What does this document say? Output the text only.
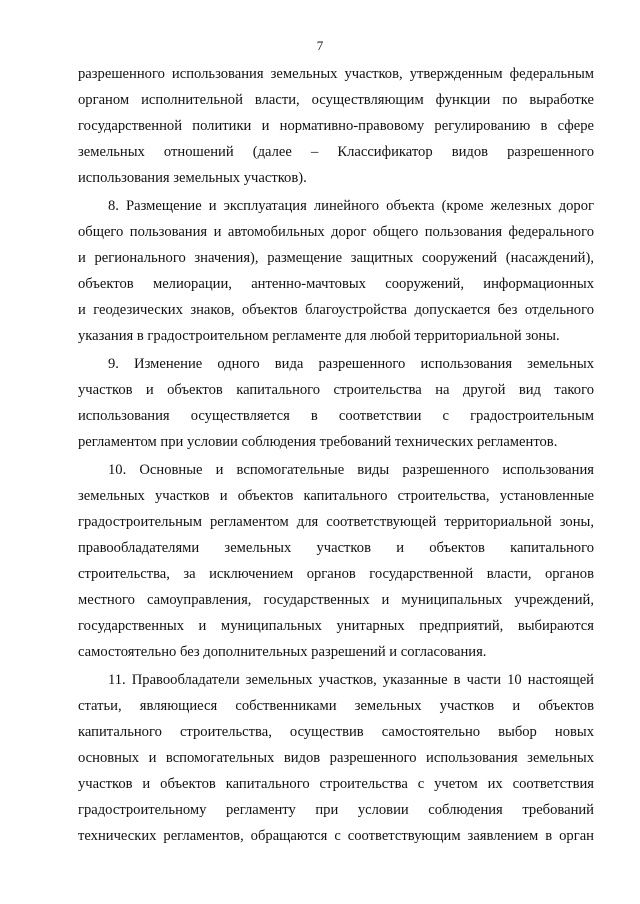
7
разрешенного использования земельных участков, утвержденным федеральным
органом исполнительной власти, осуществляющим функции по выработке
государственной политики и нормативно-правовому регулированию в сфере
земельных отношений (далее – Классификатор видов разрешенного
использования земельных участков).
8. Размещение и эксплуатация линейного объекта (кроме железных дорог
общего пользования и автомобильных дорог общего пользования федерального
и регионального значения), размещение защитных сооружений (насаждений),
объектов мелиорации, антенно-мачтовых сооружений, информационных
и геодезических знаков, объектов благоустройства допускается без отдельного
указания в градостроительном регламенте для любой территориальной зоны.
9. Изменение одного вида разрешенного использования земельных
участков и объектов капитального строительства на другой вид такого
использования осуществляется в соответствии с градостроительным
регламентом при условии соблюдения требований технических регламентов.
10. Основные и вспомогательные виды разрешенного использования
земельных участков и объектов капитального строительства, установленные
градостроительным регламентом для соответствующей территориальной зоны,
правообладателями земельных участков и объектов капитального
строительства, за исключением органов государственной власти, органов
местного самоуправления, государственных и муниципальных учреждений,
государственных и муниципальных унитарных предприятий, выбираются
самостоятельно без дополнительных разрешений и согласования.
11. Правообладатели земельных участков, указанные в части 10 настоящей
статьи, являющиеся собственниками земельных участков и объектов
капитального строительства, осуществив самостоятельно выбор новых
основных и вспомогательных видов разрешенного использования земельных
участков и объектов капитального строительства с учетом их соответствия
градостроительному регламенту при условии соблюдения требований
технических регламентов, обращаются с соответствующим заявлением в орган
